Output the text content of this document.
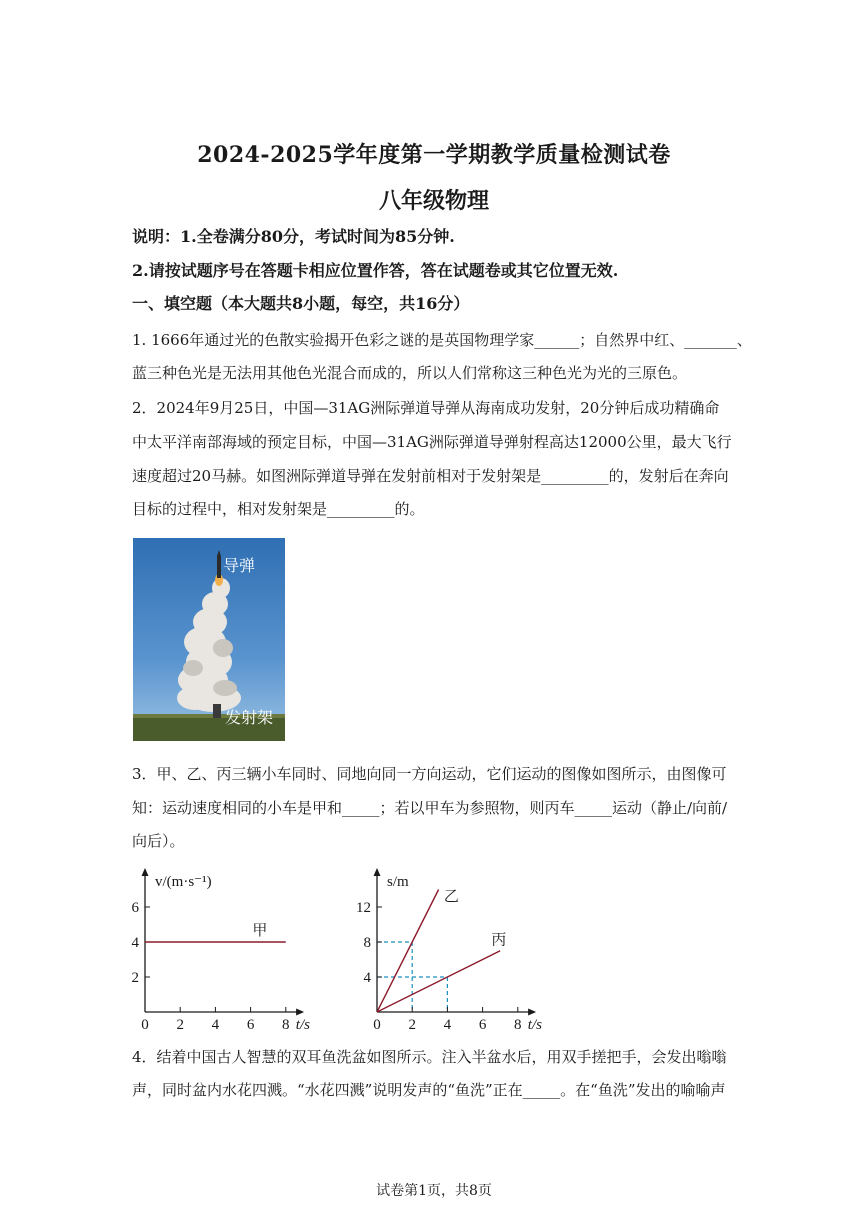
2024-2025学年度第一学期教学质量检测试卷
八年级物理
说明：1.全卷满分80分，考试时间为85分钟.
2.请按试题序号在答题卡相应位置作答，答在试题卷或其它位置无效.
一、填空题（本大题共8小题，每空，共16分）
1. 1666年通过光的色散实验揭开色彩之谜的是英国物理学家______；自然界中红、_______、
蓝三种色光是无法用其他色光混合而成的，所以人们常称这三种色光为光的三原色。
2．2024年9月25日，中国—31AG洲际弹道导弹从海南成功发射，20分钟后成功精确命
中太平洋南部海域的预定目标，中国—31AG洲际弹道导弹射程高达12000公里，最大飞行
速度超过20马赫。如图洲际弹道导弹在发射前相对于发射架是_________的，发射后在奔向
目标的过程中，相对发射架是_________的。
导弹
发射架
3．甲、乙、丙三辆小车同时、同地向同一方向运动，它们运动的图像如图所示，由图像可
知：运动速度相同的小车是甲和_____；若以甲车为参照物，则丙车_____运动（静止/向前/
向后）。
0 2 4 6 8
2
4
6
t/s
v/(m·s⁻¹)
甲
0 2 4 6 8
4
8
12
t/s
s/m
乙
丙
4．结着中国古人智慧的双耳鱼洗盆如图所示。注入半盆水后，用双手搓把手，会发出嗡嗡
声，同时盆内水花四溅。“水花四溅”说明发声的“鱼洗”正在_____。在“鱼洗”发出的喻喻声
试卷第1页，共8页
